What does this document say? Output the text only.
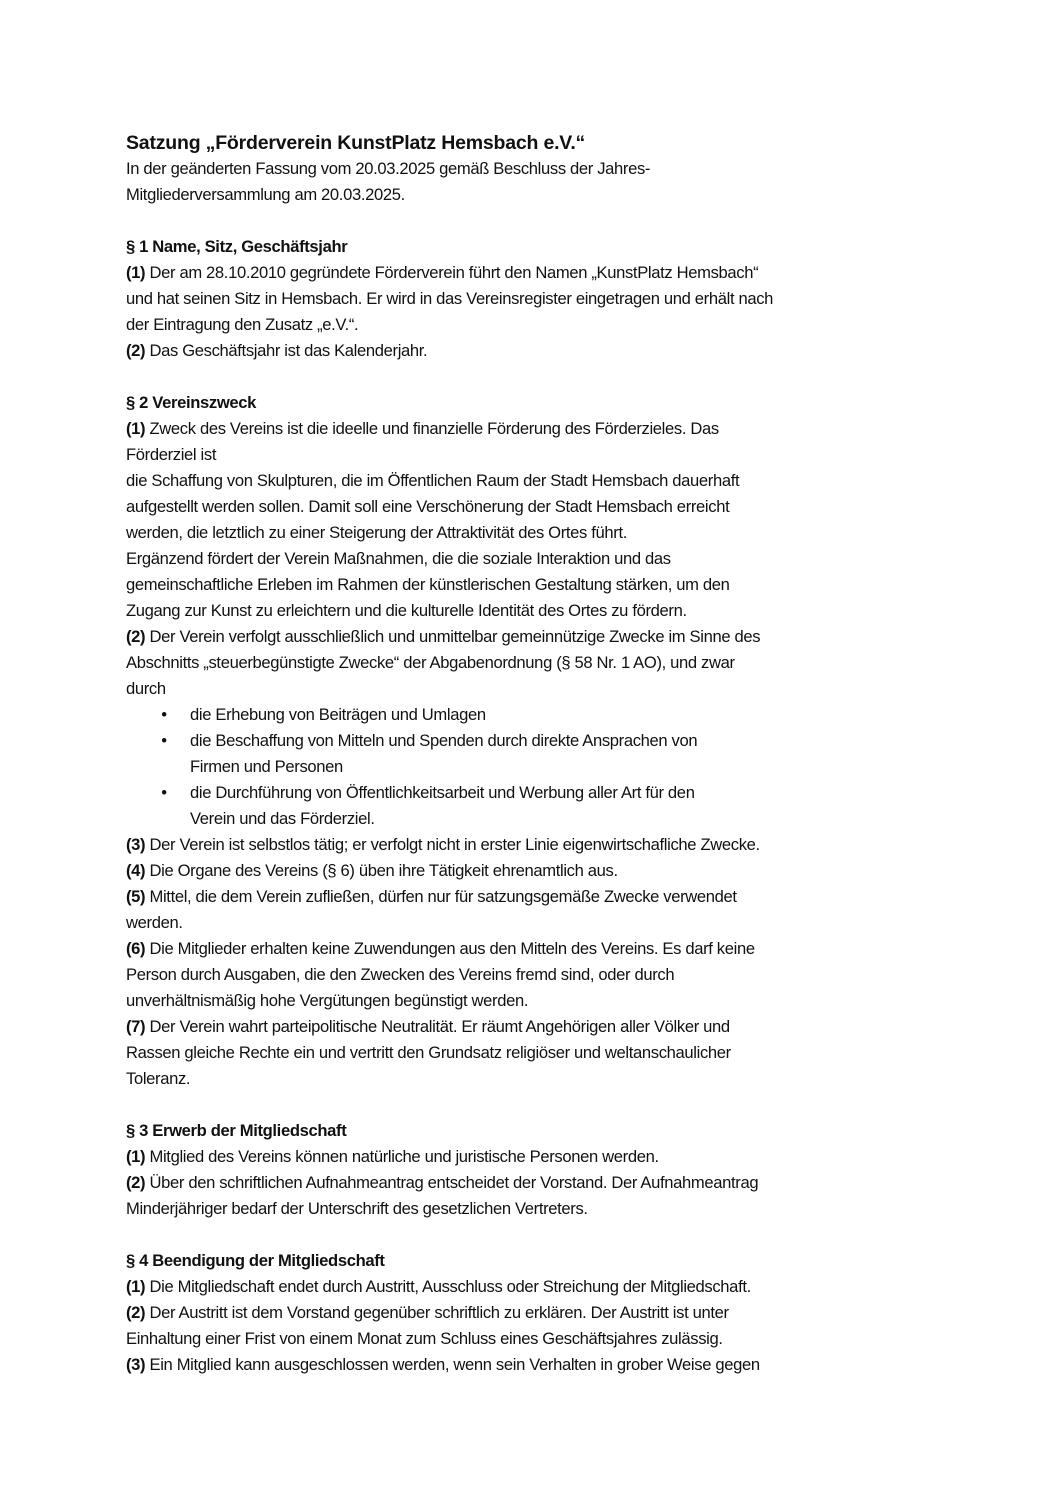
Satzung „Förderverein KunstPlatz Hemsbach e.V.“
In der geänderten Fassung vom 20.03.2025 gemäß Beschluss der Jahres-
Mitgliederversammlung am 20.03.2025.
§ 1 Name, Sitz, Geschäftsjahr
(1) Der am 28.10.2010 gegründete Förderverein führt den Namen „KunstPlatz Hemsbach“
und hat seinen Sitz in Hemsbach. Er wird in das Vereinsregister eingetragen und erhält nach
der Eintragung den Zusatz „e.V.“.
(2) Das Geschäftsjahr ist das Kalenderjahr.
§ 2 Vereinszweck
(1) Zweck des Vereins ist die ideelle und finanzielle Förderung des Förderzieles. Das
Förderziel ist
die Schaffung von Skulpturen, die im Öffentlichen Raum der Stadt Hemsbach dauerhaft
aufgestellt werden sollen. Damit soll eine Verschönerung der Stadt Hemsbach erreicht
werden, die letztlich zu einer Steigerung der Attraktivität des Ortes führt.
Ergänzend fördert der Verein Maßnahmen, die die soziale Interaktion und das
gemeinschaftliche Erleben im Rahmen der künstlerischen Gestaltung stärken, um den
Zugang zur Kunst zu erleichtern und die kulturelle Identität des Ortes zu fördern.
(2) Der Verein verfolgt ausschließlich und unmittelbar gemeinnützige Zwecke im Sinne des
Abschnitts „steuerbegünstigte Zwecke“ der Abgabenordnung (§ 58 Nr. 1 AO), und zwar
durch
•	die Erhebung von Beiträgen und Umlagen
•	die Beschaffung von Mitteln und Spenden durch direkte Ansprachen von
Firmen und Personen
•	die Durchführung von Öffentlichkeitsarbeit und Werbung aller Art für den
Verein und das Förderziel.
(3) Der Verein ist selbstlos tätig; er verfolgt nicht in erster Linie eigenwirtschafliche Zwecke.
(4) Die Organe des Vereins (§ 6) üben ihre Tätigkeit ehrenamtlich aus.
(5) Mittel, die dem Verein zufließen, dürfen nur für satzungsgemäße Zwecke verwendet
werden.
(6) Die Mitglieder erhalten keine Zuwendungen aus den Mitteln des Vereins. Es darf keine
Person durch Ausgaben, die den Zwecken des Vereins fremd sind, oder durch
unverhältnismäßig hohe Vergütungen begünstigt werden.
(7) Der Verein wahrt parteipolitische Neutralität. Er räumt Angehörigen aller Völker und
Rassen gleiche Rechte ein und vertritt den Grundsatz religiöser und weltanschaulicher
Toleranz.
§ 3 Erwerb der Mitgliedschaft
(1) Mitglied des Vereins können natürliche und juristische Personen werden.
(2) Über den schriftlichen Aufnahmeantrag entscheidet der Vorstand. Der Aufnahmeantrag
Minderjähriger bedarf der Unterschrift des gesetzlichen Vertreters.
§ 4 Beendigung der Mitgliedschaft
(1) Die Mitgliedschaft endet durch Austritt, Ausschluss oder Streichung der Mitgliedschaft.
(2) Der Austritt ist dem Vorstand gegenüber schriftlich zu erklären. Der Austritt ist unter
Einhaltung einer Frist von einem Monat zum Schluss eines Geschäftsjahres zulässig.
(3) Ein Mitglied kann ausgeschlossen werden, wenn sein Verhalten in grober Weise gegen
